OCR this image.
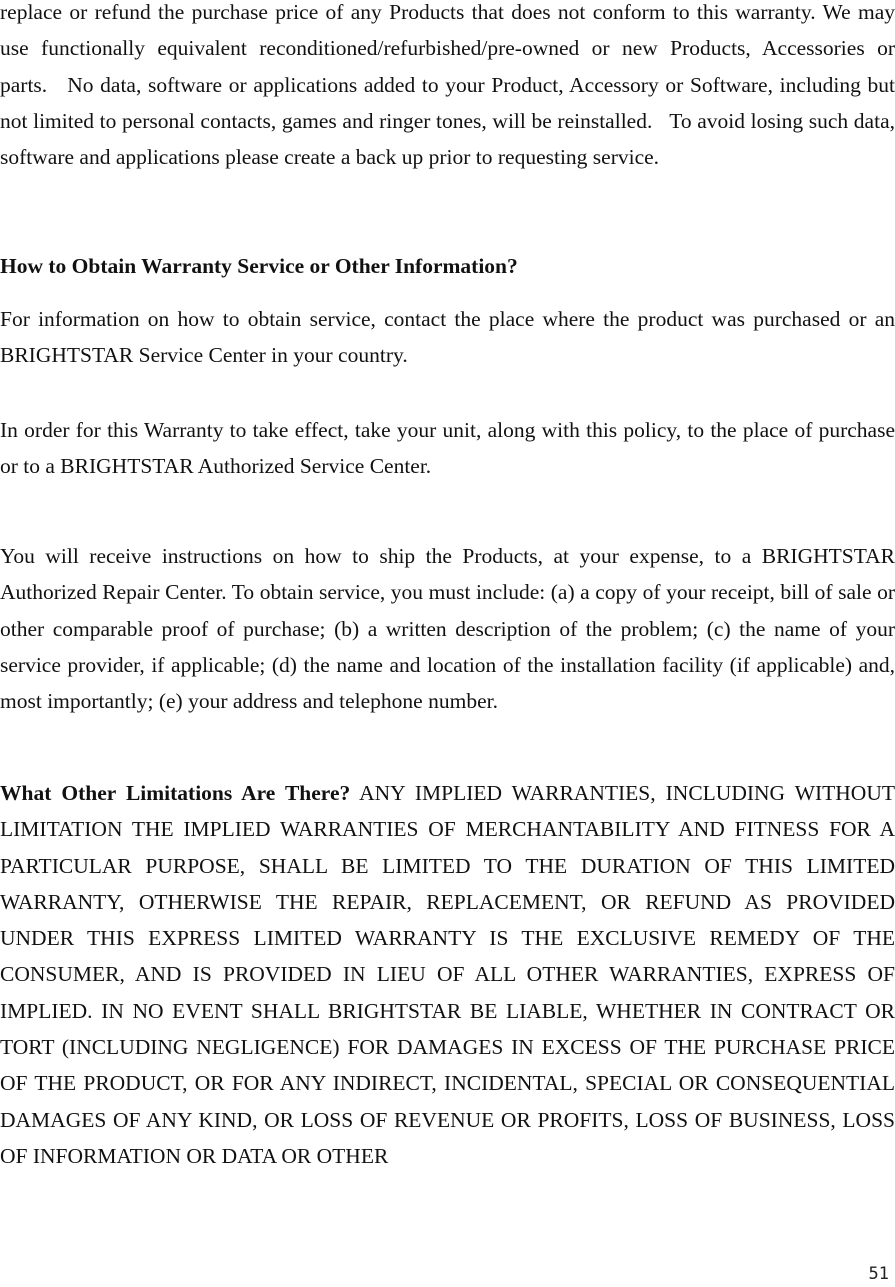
replace or refund the purchase price of any Products that does not conform to this warranty. We may use functionally equivalent reconditioned/refurbished/pre-owned or new Products, Accessories or parts.   No data, software or applications added to your Product, Accessory or Software, including but not limited to personal contacts, games and ringer tones, will be reinstalled.   To avoid losing such data, software and applications please create a back up prior to requesting service.

How to Obtain Warranty Service or Other Information?

For information on how to obtain service, contact the place where the product was purchased or an BRIGHTSTAR Service Center in your country.

In order for this Warranty to take effect, take your unit, along with this policy, to the place of purchase or to a BRIGHTSTAR Authorized Service Center.

You will receive instructions on how to ship the Products, at your expense, to a BRIGHTSTAR Authorized Repair Center. To obtain service, you must include: (a) a copy of your receipt, bill of sale or other comparable proof of purchase; (b) a written description of the problem; (c) the name of your service provider, if applicable; (d) the name and location of the installation facility (if applicable) and, most importantly; (e) your address and telephone number.

What Other Limitations Are There? ANY IMPLIED WARRANTIES, INCLUDING WITHOUT LIMITATION THE IMPLIED WARRANTIES OF MERCHANTABILITY AND FITNESS FOR A PARTICULAR PURPOSE, SHALL BE LIMITED TO THE DURATION OF THIS LIMITED WARRANTY, OTHERWISE THE REPAIR, REPLACEMENT, OR REFUND AS PROVIDED UNDER THIS EXPRESS LIMITED WARRANTY IS THE EXCLUSIVE REMEDY OF THE CONSUMER, AND IS PROVIDED IN LIEU OF ALL OTHER WARRANTIES, EXPRESS OF IMPLIED. IN NO EVENT SHALL BRIGHTSTAR BE LIABLE, WHETHER IN CONTRACT OR TORT (INCLUDING NEGLIGENCE) FOR DAMAGES IN EXCESS OF THE PURCHASE PRICE OF THE PRODUCT, OR FOR ANY INDIRECT, INCIDENTAL, SPECIAL OR CONSEQUENTIAL DAMAGES OF ANY KIND, OR LOSS OF REVENUE OR PROFITS, LOSS OF BUSINESS, LOSS OF INFORMATION OR DATA OR OTHER

51
